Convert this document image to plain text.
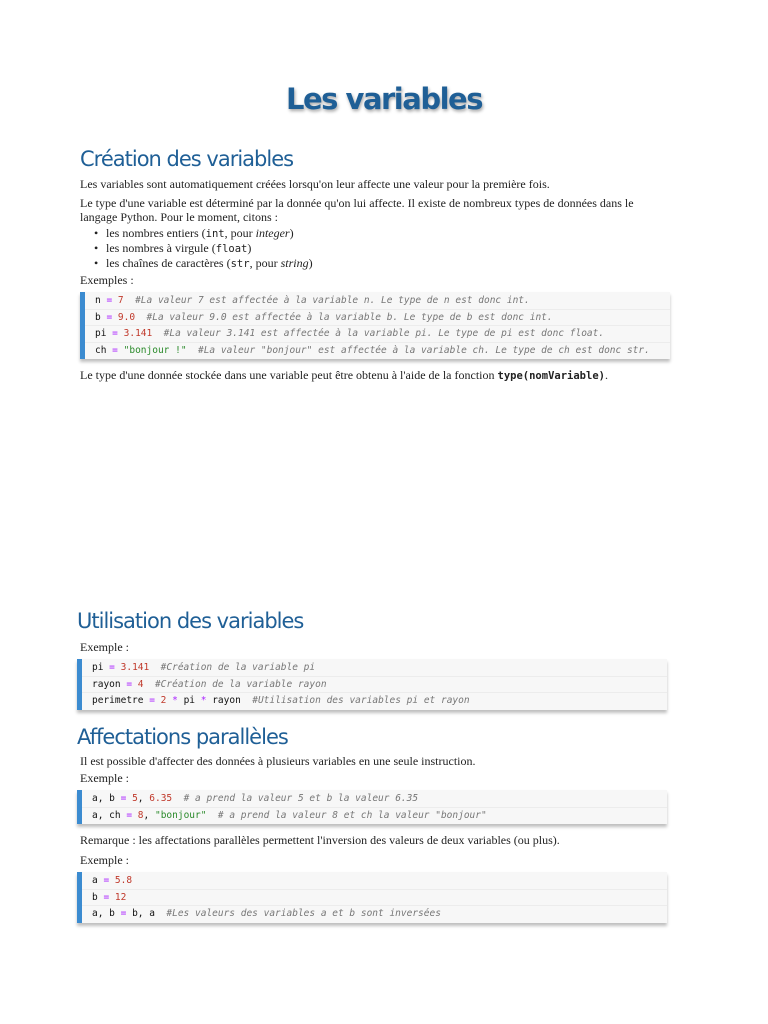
Les variables
Création des variables

Les variables sont automatiquement créées lorsqu'on leur affecte une valeur pour la première fois.

Le type d'une variable est déterminé par la donnée qu'on lui affecte. Il existe de nombreux types de données dans le langage Python. Pour le moment, citons :

• les nombres entiers (int, pour integer)
• les nombres à virgule (float)
• les chaînes de caractères (str, pour string)

Exemples :

n = 7  #La valeur 7 est affectée à la variable n. Le type de n est donc int.
b = 9.0  #La valeur 9.0 est affectée à la variable b. Le type de b est donc int.
pi = 3.141  #La valeur 3.141 est affectée à la variable pi. Le type de pi est donc float.
ch = "bonjour !"  #La valeur "bonjour" est affectée à la variable ch. Le type de ch est donc str.

Le type d'une donnée stockée dans une variable peut être obtenu à l'aide de la fonction type(nomVariable).

Utilisation des variables

Exemple :

pi = 3.141  #Création de la variable pi
rayon = 4  #Création de la variable rayon
perimetre = 2 * pi * rayon  #Utilisation des variables pi et rayon
Affectations parallèles

Il est possible d'affecter des données à plusieurs variables en une seule instruction.

Exemple :

a, b = 5, 6.35  # a prend la valeur 5 et b la valeur 6.35
a, ch = 8, "bonjour"  # a prend la valeur 8 et ch la valeur "bonjour"

Remarque : les affectations parallèles permettent l'inversion des valeurs de deux variables (ou plus).

Exemple :

a = 5.8
b = 12
a, b = b, a  #Les valeurs des variables a et b sont inversées
